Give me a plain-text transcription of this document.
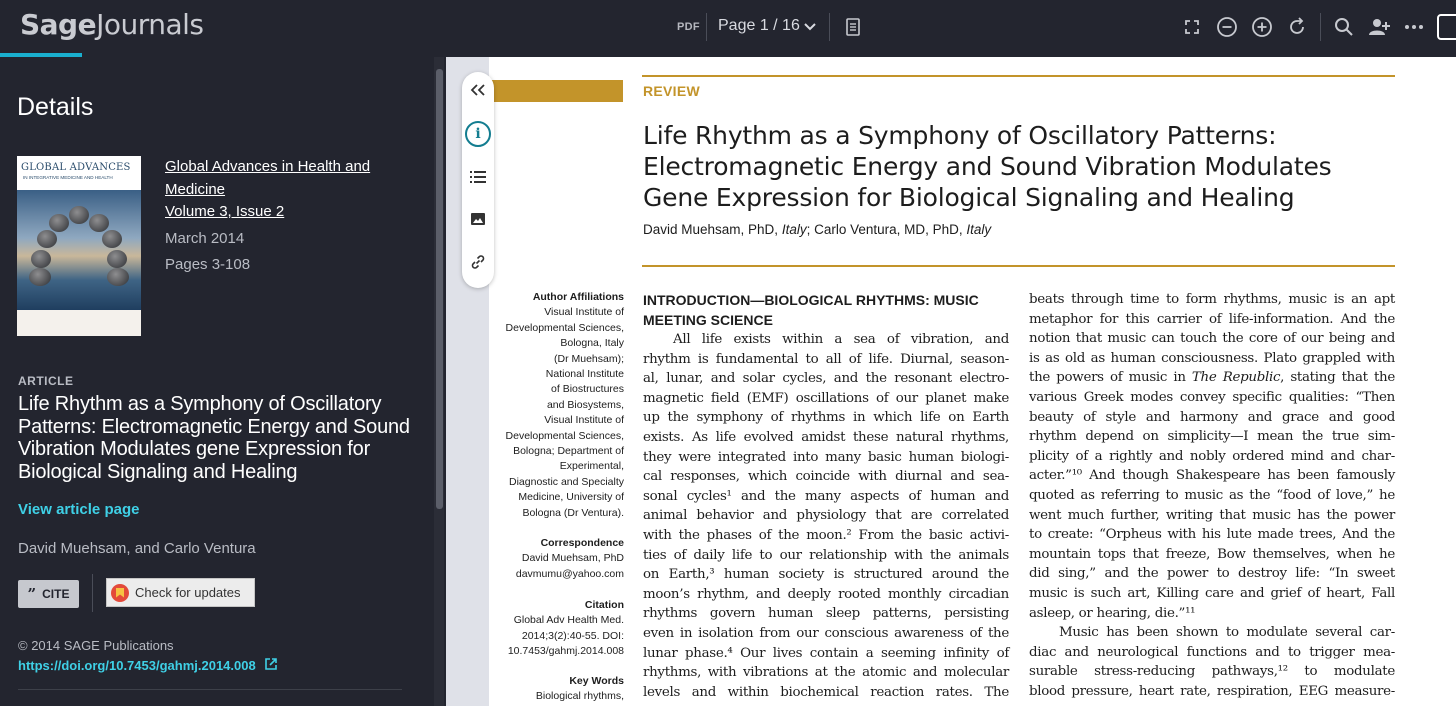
SageJournals	PDF Page 1 / 16
Details
GLOBAL ADVANCES
IN INTEGRATIVE MEDICINE AND HEALTH
Global Advances in Health and
Medicine
Volume 3, Issue 2
March 2014
Pages 3-108
ARTICLE
Life Rhythm as a Symphony of Oscillatory Patterns: Electromagnetic Energy and Sound Vibration Modulates gene Expression for Biological Signaling and Healing
View article page
David Muehsam, and Carlo Ventura
” CITE	Check for updates
© 2014 SAGE Publications
https://doi.org/10.7453/gahmj.2014.008
REVIEW
Life Rhythm as a Symphony of Oscillatory Patterns:
Electromagnetic Energy and Sound Vibration Modulates
Gene Expression for Biological Signaling and Healing
David Muehsam, PhD, Italy; Carlo Ventura, MD, PhD, Italy
Author Affiliations
Visual Institute of
Developmental Sciences,
Bologna, Italy
(Dr Muehsam);
National Institute
of Biostructures
and Biosystems,
Visual Institute of
Developmental Sciences,
Bologna; Department of
Experimental,
Diagnostic and Specialty
Medicine, University of
Bologna (Dr Ventura).
Correspondence
David Muehsam, PhD
davmumu@yahoo.com
Citation
Global Adv Health Med.
2014;3(2):40-55. DOI:
10.7453/gahmj.2014.008
Key Words
Biological rhythms,
INTRODUCTION—BIOLOGICAL RHYTHMS: MUSIC MEETING SCIENCE
All life exists within a sea of vibration, and
rhythm is fundamental to all of life. Diurnal, season-
al, lunar, and solar cycles, and the resonant electro-
magnetic field (EMF) oscillations of our planet make
up the symphony of rhythms in which life on Earth
exists. As life evolved amidst these natural rhythms,
they were integrated into many basic human biologi-
cal responses, which coincide with diurnal and sea-
sonal cycles¹ and the many aspects of human and
animal behavior and physiology that are correlated
with the phases of the moon.² From the basic activi-
ties of daily life to our relationship with the animals
on Earth,³ human society is structured around the
moon’s rhythm, and deeply rooted monthly circadian
rhythms govern human sleep patterns, persisting
even in isolation from our conscious awareness of the
lunar phase.⁴ Our lives contain a seeming infinity of
rhythms, with vibrations at the atomic and molecular
levels and within biochemical reaction rates. The
beats through time to form rhythms, music is an apt
metaphor for this carrier of life-information. And the
notion that music can touch the core of our being and
is as old as human consciousness. Plato grappled with
the powers of music in The Republic, stating that the
various Greek modes convey specific qualities: “Then
beauty of style and harmony and grace and good
rhythm depend on simplicity—I mean the true sim-
plicity of a rightly and nobly ordered mind and char-
acter.”¹⁰ And though Shakespeare has been famously
quoted as referring to music as the “food of love,” he
went much further, writing that music has the power
to create: “Orpheus with his lute made trees, And the
mountain tops that freeze, Bow themselves, when he
did sing,” and the power to destroy life: “In sweet
music is such art, Killing care and grief of heart, Fall
asleep, or hearing, die.”¹¹
Music has been shown to modulate several car-
diac and neurological functions and to trigger mea-
surable stress-reducing pathways,¹² to modulate
blood pressure, heart rate, respiration, EEG measure-
i
